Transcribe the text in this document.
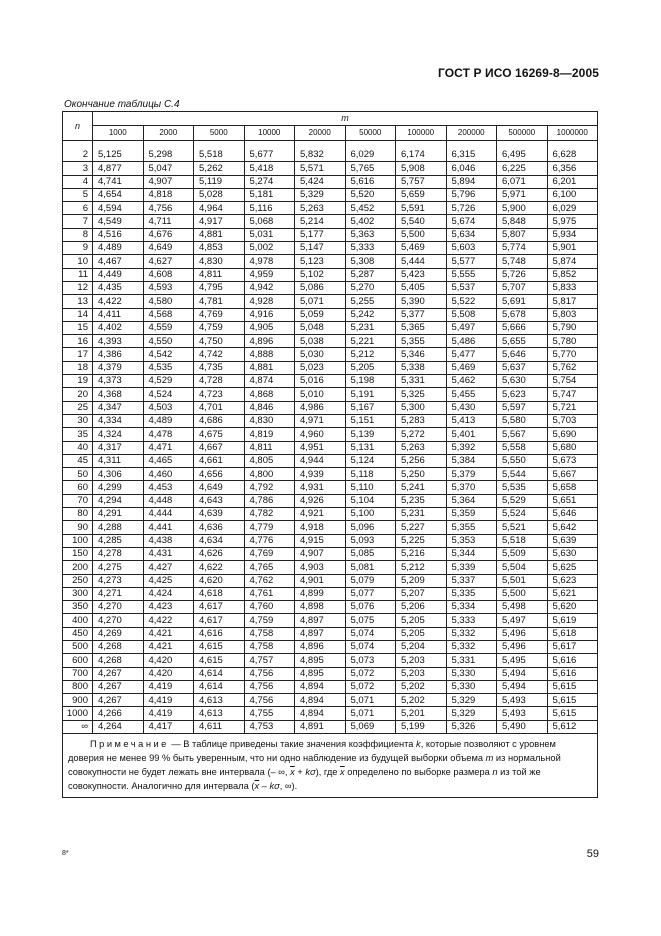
ГОСТ Р ИСО 16269-8—2005
Окончание таблицы С.4
n	m									
	1000	2000	5000	10000	20000	50000	100000	200000	500000	1000000

2	5,125	5,298	5,518	5,677	5,832	6,029	6,174	6,315	6,495	6,628
3	4,877	5,047	5,262	5,418	5,571	5,765	5,908	6,046	6,225	6,356
4	4,741	4,907	5,119	5,274	5,424	5,616	5,757	5,894	6,071	6,201
5	4,654	4,818	5,028	5,181	5,329	5,520	5,659	5,796	5,971	6,100
6	4,594	4,756	4,964	5,116	5,263	5,452	5,591	5,726	5,900	6,029
7	4,549	4,711	4,917	5,068	5,214	5,402	5,540	5,674	5,848	5,975
8	4,516	4,676	4,881	5,031	5,177	5,363	5,500	5,634	5,807	5,934
9	4,489	4,649	4,853	5,002	5,147	5,333	5,469	5,603	5,774	5,901
10	4,467	4,627	4,830	4,978	5,123	5,308	5,444	5,577	5,748	5,874
11	4,449	4,608	4,811	4,959	5,102	5,287	5,423	5,555	5,726	5,852
12	4,435	4,593	4,795	4,942	5,086	5,270	5,405	5,537	5,707	5,833
13	4,422	4,580	4,781	4,928	5,071	5,255	5,390	5,522	5,691	5,817
14	4,411	4,568	4,769	4,916	5,059	5,242	5,377	5,508	5,678	5,803
15	4,402	4,559	4,759	4,905	5,048	5,231	5,365	5,497	5,666	5,790
16	4,393	4,550	4,750	4,896	5,038	5,221	5,355	5,486	5,655	5,780
17	4,386	4,542	4,742	4,888	5,030	5,212	5,346	5,477	5,646	5,770
18	4,379	4,535	4,735	4,881	5,023	5,205	5,338	5,469	5,637	5,762
19	4,373	4,529	4,728	4,874	5,016	5,198	5,331	5,462	5,630	5,754
20	4,368	4,524	4,723	4,868	5,010	5,191	5,325	5,455	5,623	5,747
25	4,347	4,503	4,701	4,846	4,986	5,167	5,300	5,430	5,597	5,721
30	4,334	4,489	4,686	4,830	4,971	5,151	5,283	5,413	5,580	5,703
35	4,324	4,478	4,675	4,819	4,960	5,139	5,272	5,401	5,567	5,690
40	4,317	4,471	4,667	4,811	4,951	5,131	5,263	5,392	5,558	5,680
45	4,311	4,465	4,661	4,805	4,944	5,124	5,256	5,384	5,550	5,673
50	4,306	4,460	4,656	4,800	4,939	5,118	5,250	5,379	5,544	5,667
60	4,299	4,453	4,649	4,792	4,931	5,110	5,241	5,370	5,535	5,658
70	4,294	4,448	4,643	4,786	4,926	5,104	5,235	5,364	5,529	5,651
80	4,291	4,444	4,639	4,782	4,921	5,100	5,231	5,359	5,524	5,646
90	4,288	4,441	4,636	4,779	4,918	5,096	5,227	5,355	5,521	5,642
100	4,285	4,438	4,634	4,776	4,915	5,093	5,225	5,353	5,518	5,639
150	4,278	4,431	4,626	4,769	4,907	5,085	5,216	5,344	5,509	5,630
200	4,275	4,427	4,622	4,765	4,903	5,081	5,212	5,339	5,504	5,625
250	4,273	4,425	4,620	4,762	4,901	5,079	5,209	5,337	5,501	5,623
300	4,271	4,424	4,618	4,761	4,899	5,077	5,207	5,335	5,500	5,621
350	4,270	4,423	4,617	4,760	4,898	5,076	5,206	5,334	5,498	5,620
400	4,270	4,422	4,617	4,759	4,897	5,075	5,205	5,333	5,497	5,619
450	4,269	4,421	4,616	4,758	4,897	5,074	5,205	5,332	5,496	5,618
500	4,268	4,421	4,615	4,758	4,896	5,074	5,204	5,332	5,496	5,617
600	4,268	4,420	4,615	4,757	4,895	5,073	5,203	5,331	5,495	5,616
700	4,267	4,420	4,614	4,756	4,895	5,072	5,203	5,330	5,494	5,616
800	4,267	4,419	4,614	4,756	4,894	5,072	5,202	5,330	5,494	5,615
900	4,267	4,419	4,613	4,756	4,894	5,071	5,202	5,329	5,493	5,615
1000	4,266	4,419	4,613	4,755	4,894	5,071	5,201	5,329	5,493	5,615
∞	4,264	4,417	4,611	4,753	4,891	5,069	5,199	5,326	5,490	5,612

Примечание — В таблице приведены такие значения коэффициента k, которые позволяют с уровнем доверия не менее 99 % быть уверенным, что ни одно наблюдение из будущей выборки объема m из нормальной совокупности не будет лежать вне интервала (– ∞, $\overline{x} + k\sigma$), где $\overline{x}$ определено по выборке размера n из той же совокупности. Аналогично для интервала ($\overline{x}$ – kσ, ∞).										
8*	59
